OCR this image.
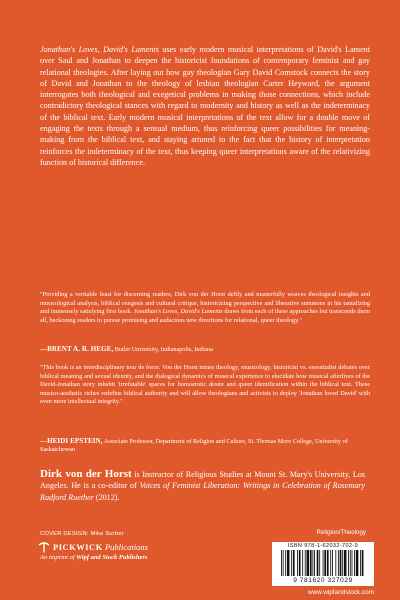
Jonathan's Loves, David's Laments uses early modern musical interpretations of David's Lament over Saul and Jonathan to deepen the historicist foundations of contemporary feminist and gay relational theologies. After laying out how gay theologian Gary David Comstock connects the story of David and Jonathan to the theology of lesbian theologian Carter Heyward, the argument interrogates both theological and exegetical problems in making those connections, which include contradictory theological stances with regard to modernity and history as well as the indeterminacy of the biblical text. Early modern musical interpretations of the text allow for a double move of engaging the texts through a sensual medium, thus reinforcing queer possibilities for meaning-making from the biblical text, and staying attuned to the fact that the history of interpretation reinforces the indeterminacy of the text, thus keeping queer interpretations aware of the relativizing function of historical difference.

"Providing a veritable feast for discerning readers, Dirk von der Horst deftly and masterfully weaves theological insights and musicological analysis, biblical exegesis and cultural critique, historicizing perspective and liberative summons in his tantalizing and immensely satisfying first book. Jonathan's Loves, David's Laments draws from each of these approaches but transcends them all, beckoning readers to pursue promising and audacious new directions for relational, queer theology."

—BRENT A. R. HEGE, Butler University, Indianapolis, Indiana

"This book is an interdisciplinary tour de force. Von der Horst mines theology, musicology, historicist vs. essentialist debates over biblical meaning and sexual identity, and the dialogical dynamics of musical experience to elucidate how musical afterlives of the David-Jonathan story inhabit 'irrefutable' spaces for homoerotic desire and queer identification within the biblical text. These musico-aesthetic riches redefine biblical authority and will allow theologians and activists to deploy 'Jonathan loved David' with even more intellectual integrity."

—HEIDI EPSTEIN, Associate Professor, Department of Religion and Culture, St. Thomas More College, University of Saskatchewan

Dirk von der Horst is Instructor of Religious Studies at Mount St. Mary's University, Los Angeles. He is a co-editor of Voices of Feminist Liberation: Writings in Celebration of Rosemary Radford Ruether (2012).

Religion/Theology
COVER DESIGN: Mike Surber
PICKWICK Publications

An imprint of Wipf and Stock Publishers

ISBN 978-1-62032-702-9
9 781620 327029
www.wipfandstock.com
